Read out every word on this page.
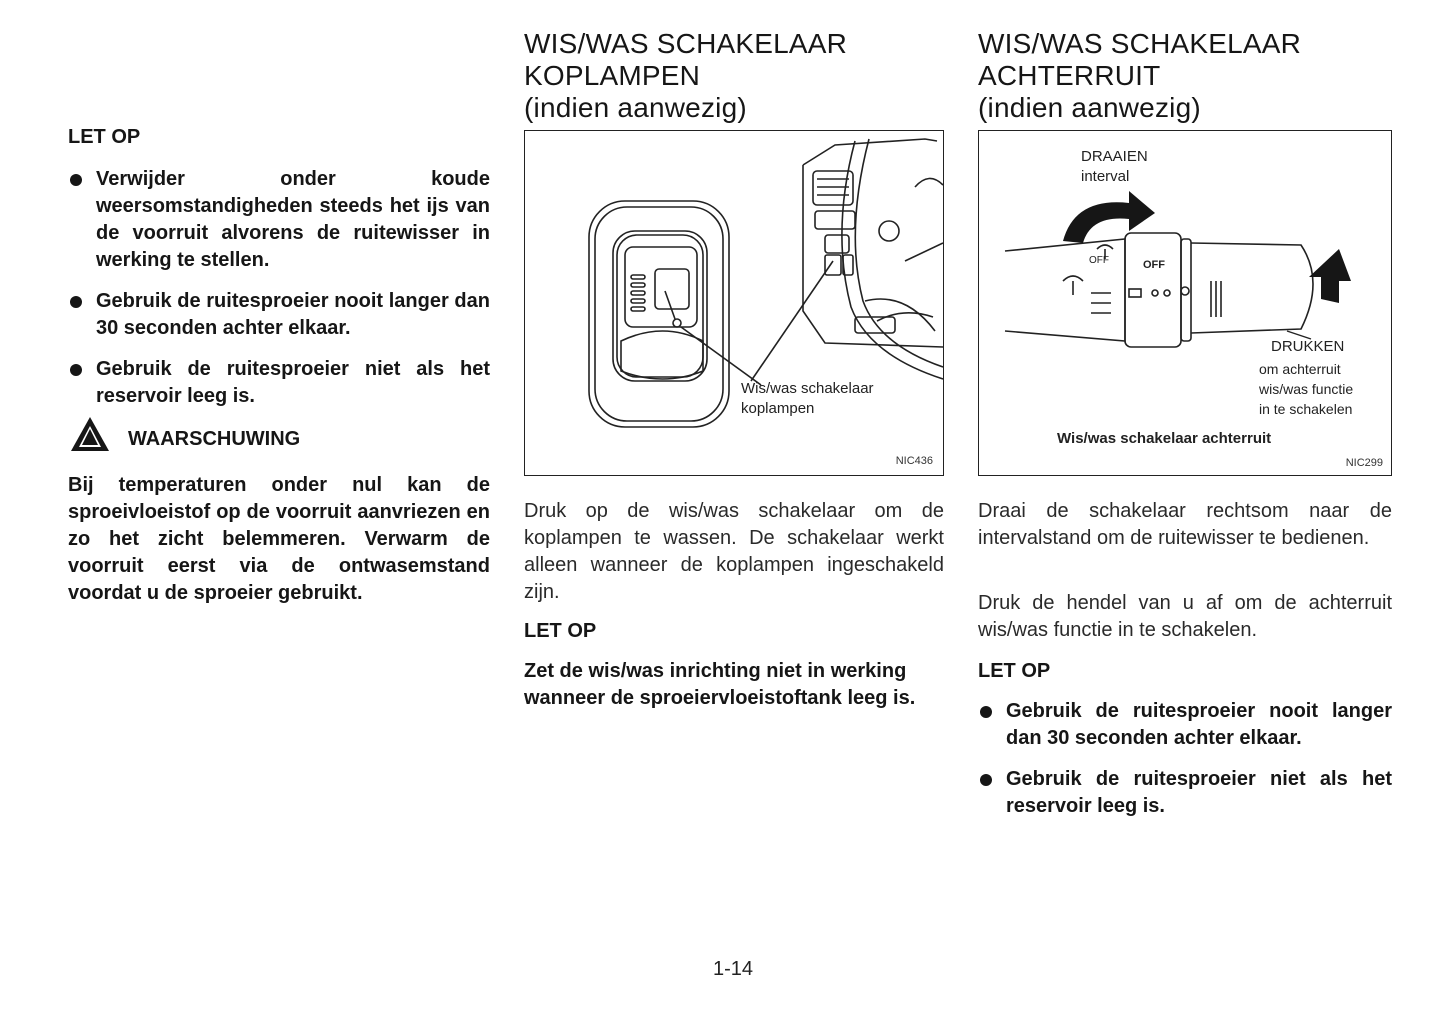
LET OP

Verwijder onder koude weersomstandigheden steeds het ijs van de voorruit alvorens de ruitewisser in werking te stellen.
Gebruik de ruitesproeier nooit langer dan 30 seconden achter elkaar.
Gebruik de ruitesproeier niet als het reservoir leeg is.
WAARSCHUWING

Bij temperaturen onder nul kan de sproeivloeistof op de voorruit aanvriezen en zo het zicht belemmeren. Verwarm de voorruit eerst via de ontwasemstand voordat u de sproeier gebruikt.

WIS/WAS SCHAKELAAR
KOPLAMPEN
(indien aanwezig)
Wis/was schakelaar
koplampen
NIC436

Druk op de wis/was schakelaar om de koplampen te wassen. De schakelaar werkt alleen wanneer de koplampen ingeschakeld zijn.

LET OP

Zet de wis/was inrichting niet in werking wanneer de sproeiervloeistoftank leeg is.

WIS/WAS SCHAKELAAR
ACHTERRUIT
(indien aanwezig)
DRAAIEN
interval
OFF	OFF
DRUKKEN
om achterruit
wis/was functie
in te schakelen
Wis/was schakelaar achterruit
NIC299

Draai de schakelaar rechtsom naar de intervalstand om de ruitewisser te bedienen.

Druk de hendel van u af om de achterruit wis/was functie in te schakelen.

LET OP

Gebruik de ruitesproeier nooit langer dan 30 seconden achter elkaar.
Gebruik de ruitesproeier niet als het reservoir leeg is.
1-14
